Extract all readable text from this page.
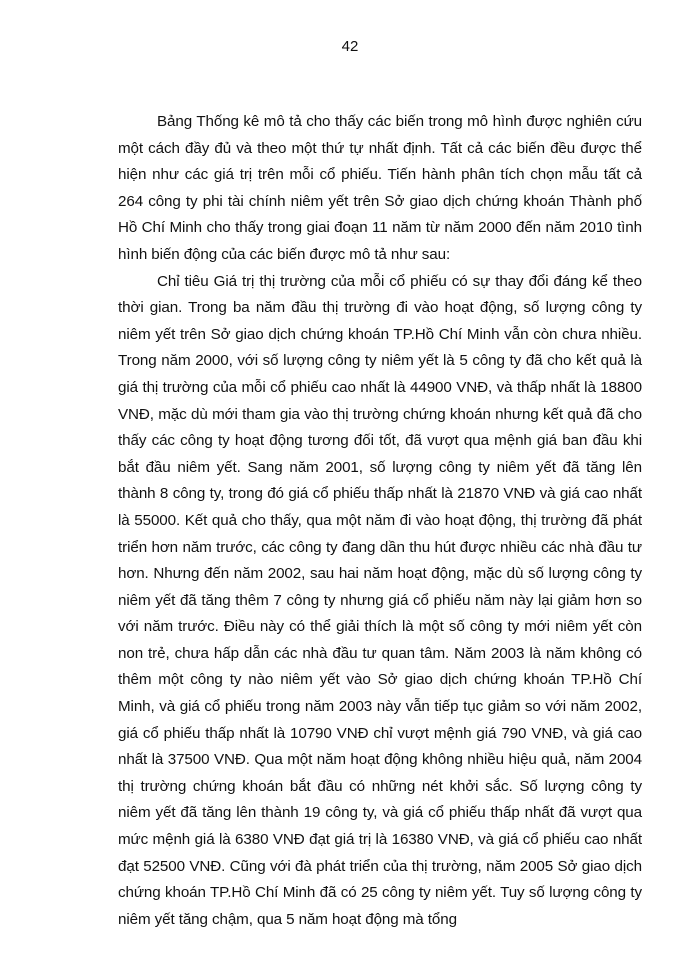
42

Bảng Thống kê mô tả cho thấy các biến trong mô hình được nghiên cứu một cách đầy đủ và theo một thứ tự nhất định. Tất cả các biến đều được thể hiện như các giá trị trên mỗi cổ phiếu. Tiến hành phân tích chọn mẫu tất cả 264 công ty phi tài chính niêm yết trên Sở giao dịch chứng khoán Thành phố Hồ Chí Minh cho thấy trong giai đoạn 11 năm từ năm 2000 đến năm 2010 tình hình biến động của các biến được mô tả như sau:

Chỉ tiêu Giá trị thị trường của mỗi cổ phiếu có sự thay đổi đáng kể theo thời gian. Trong ba năm đầu thị trường đi vào hoạt động, số lượng công ty niêm yết trên Sở giao dịch chứng khoán TP.Hồ Chí Minh vẫn còn chưa nhiều. Trong năm 2000, với số lượng công ty niêm yết là 5 công ty đã cho kết quả là giá thị trường của mỗi cổ phiếu cao nhất là 44900 VNĐ, và thấp nhất là 18800 VNĐ, mặc dù mới tham gia vào thị trường chứng khoán nhưng kết quả đã cho thấy các công ty hoạt động tương đối tốt, đã vượt qua mệnh giá ban đầu khi bắt đầu niêm yết. Sang năm 2001, số lượng công ty niêm yết đã tăng lên thành 8 công ty, trong đó giá cổ phiếu thấp nhất là 21870 VNĐ và giá cao nhất là 55000. Kết quả cho thấy, qua một năm đi vào hoạt động, thị trường đã phát triển hơn năm trước, các công ty đang dần thu hút được nhiều các nhà đầu tư hơn. Nhưng đến năm 2002, sau hai năm hoạt động, mặc dù số lượng công ty niêm yết đã tăng thêm 7 công ty nhưng giá cổ phiếu năm này lại giảm hơn so với năm trước. Điều này có thể giải thích là một số công ty mới niêm yết còn non trẻ, chưa hấp dẫn các nhà đầu tư quan tâm. Năm 2003 là năm không có thêm một công ty nào niêm yết vào Sở giao dịch chứng khoán TP.Hồ Chí Minh, và giá cổ phiếu trong năm 2003 này vẫn tiếp tục giảm so với năm 2002, giá cổ phiếu thấp nhất là 10790 VNĐ chỉ vượt mệnh giá 790 VNĐ, và giá cao nhất là 37500 VNĐ. Qua một năm hoạt động không nhiều hiệu quả, năm 2004 thị trường chứng khoán bắt đầu có những nét khởi sắc. Số lượng công ty niêm yết đã tăng lên thành 19 công ty, và giá cổ phiếu thấp nhất đã vượt qua mức mệnh giá là 6380 VNĐ đạt giá trị là 16380 VNĐ, và giá cổ phiếu cao nhất đạt 52500 VNĐ. Cũng với đà phát triển của thị trường, năm 2005 Sở giao dịch chứng khoán TP.Hồ Chí Minh đã có 25 công ty niêm yết. Tuy số lượng công ty niêm yết tăng chậm, qua 5 năm hoạt động mà tổng
